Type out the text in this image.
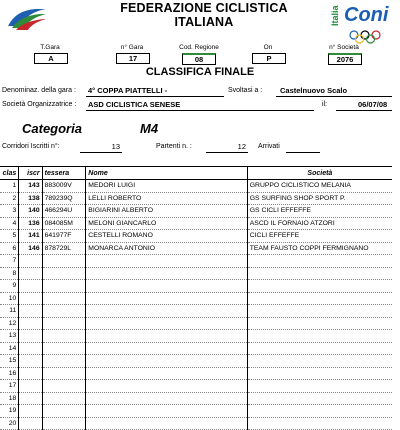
FEDERAZIONE CICLISTICA ITALIANA	Italia Coni
T.Gara
A
n° Gara
17
Cod. Regione
08
On
P
n° Società
2076
CLASSIFICA FINALE
Denominaz. della gara : 4° COPPA PIATTELLI -	Svoltasi a : Castelnuovo Scalo
Società Organizzatrice : ASD CICLISTICA SENESE	il:	06/07/08
Categoria	M4
Corridori Iscritti n°:	13	Partenti n. :	12 Arrivati
clas	iscr	tessera	Nome	Società
1	143	883009V	MEDORI LUIGI	GRUPPO CICLISTICO MELANIA
2	138	789239Q	LELLI ROBERTO	GS SURFING SHOP SPORT P.
3	140	466294U	BIGIARINI ALBERTO	GS CICLI EFFEFFE
4	136	084085M	MELONI GIANCARLO	ASCD IL FORNAIO ATZORI
5	141	641977F	CESTELLI ROMANO	CICLI EFFEFFE
6	146	878729L	MONARCA ANTONIO	TEAM FAUSTO COPPI FERMIGNANO
7				
8				
9				
10				
11				
12				
13				
14				
15				
16				
17				
18				
19				
20				
